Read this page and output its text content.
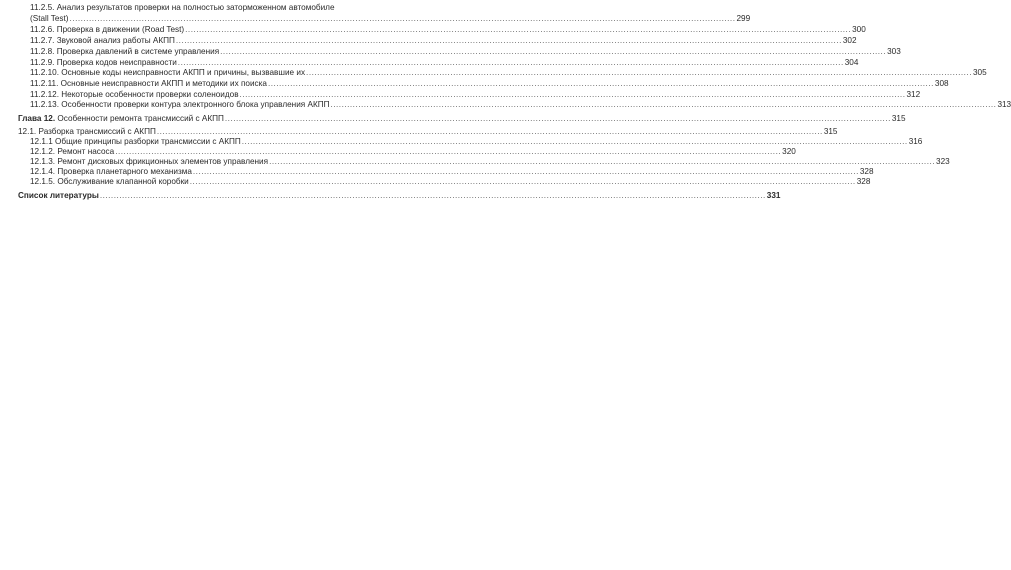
11.2.5. Анализ результатов проверки на полностью заторможенном автомобиле
(Stall Test) .....	299
11.2.6. Проверка в движении (Road Test) .....	300
11.2.7. Звуковой анализ работы АКПП .....	302
11.2.8. Проверка давлений в системе управления .....	303
11.2.9. Проверка кодов неисправности .....	304
11.2.10. Основные коды неисправности АКПП и причины, вызвавшие их .....	305
11.2.11. Основные неисправности АКПП и методики их поиска .....	308
11.2.12. Некоторые особенности проверки соленоидов .....	312
11.2.13. Особенности проверки контура электронного блока управления АКПП .....	313
Глава 12. Особенности ремонта трансмиссий с АКПП .....	315
12.1. Разборка трансмиссий с АКПП .....	315
12.1.1 Общие принципы разборки трансмиссии с АКПП .....	316
12.1.2. Ремонт насоса .....	320
12.1.3. Ремонт дисковых фрикционных элементов управления .....	323
12.1.4. Проверка планетарного механизма .....	328
12.1.5. Обслуживание клапанной коробки .....	328
Список литературы .....	331
